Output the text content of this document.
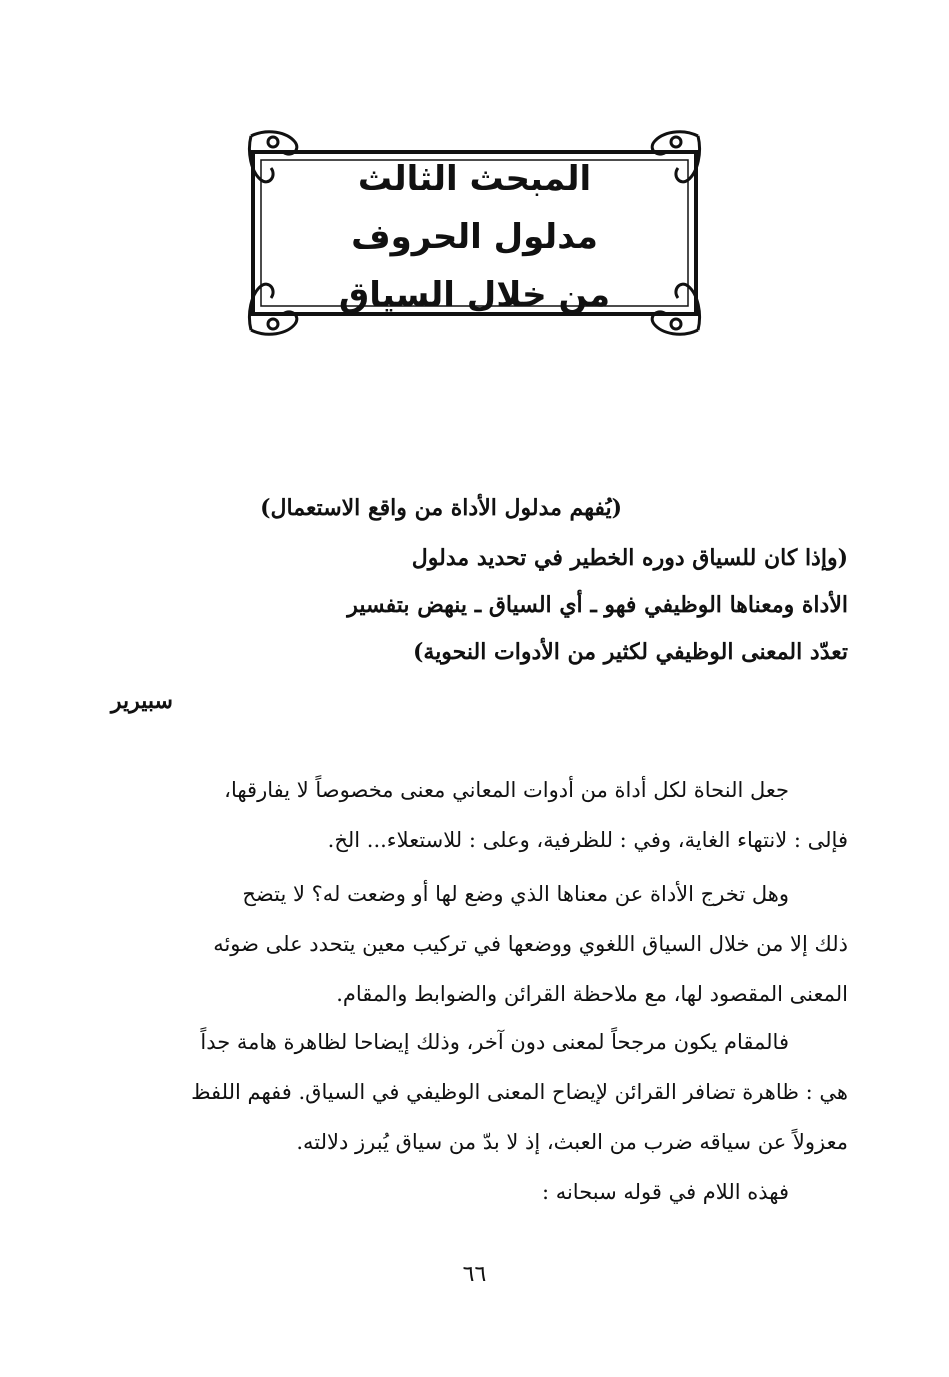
المبحث الثالث
مدلول الحروف
من خلال السياق
(يُفهم مدلول الأداة من واقع الاستعمال)
(وإذا كان للسياق دوره الخطير في تحديد مدلول
الأداة ومعناها الوظيفي فهو ـ أي السياق ـ ينهض بتفسير
تعدّد المعنى الوظيفي لكثير من الأدوات النحوية)
سبيرير
جعل النحاة لكل أداة من أدوات المعاني معنى مخصوصاً لا يفارقها،
فإلى : لانتهاء الغاية، وفي : للظرفية، وعلى : للاستعلاء... الخ.
وهل تخرج الأداة عن معناها الذي وضع لها أو وضعت له؟ لا يتضح
ذلك إلا من خلال السياق اللغوي ووضعها في تركيب معين يتحدد على ضوئه
المعنى المقصود لها، مع ملاحظة القرائن والضوابط والمقام.
فالمقام يكون مرجحاً لمعنى دون آخر، وذلك إيضاحا لظاهرة هامة جداً
هي : ظاهرة تضافر القرائن لإيضاح المعنى الوظيفي في السياق. ففهم اللفظ
معزولاً عن سياقه ضرب من العبث، إذ لا بدّ من سياق يُبرز دلالته.
فهذه اللام في قوله سبحانه :
٦٦
